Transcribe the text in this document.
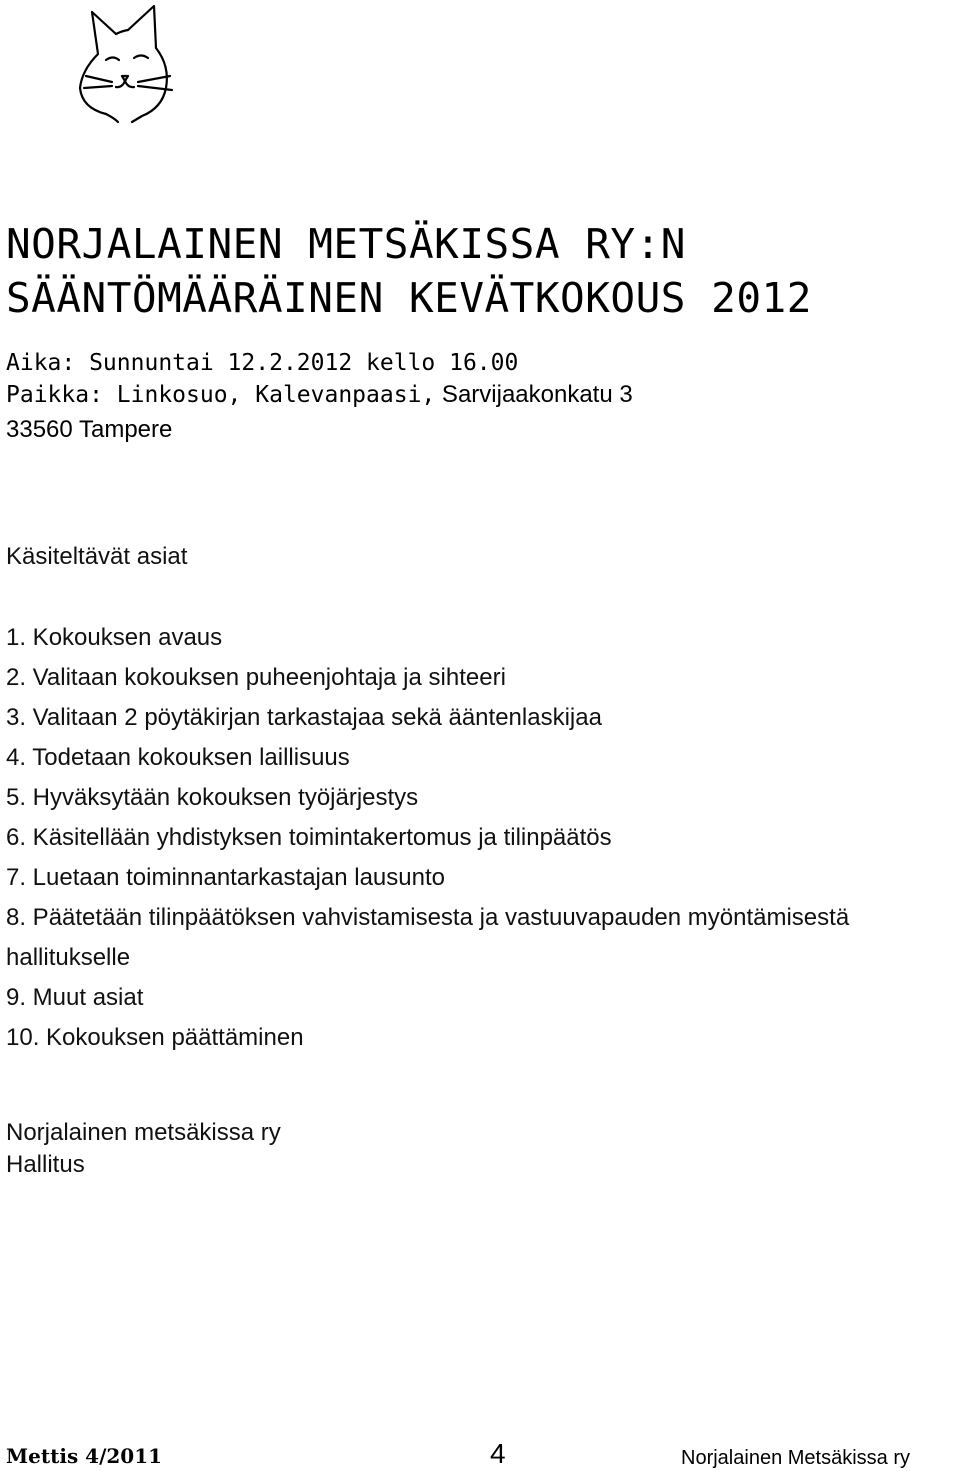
NORJALAINEN METSÄKISSA RY:N
SÄÄNTÖMÄÄRÄINEN KEVÄTKOKOUS 2012
Aika: Sunnuntai 12.2.2012 kello 16.00
Paikka: Linkosuo, Kalevanpaasi, Sarvijaakonkatu 3
33560 Tampere
Käsiteltävät asiat
1. Kokouksen avaus
2. Valitaan kokouksen puheenjohtaja ja sihteeri
3. Valitaan 2 pöytäkirjan tarkastajaa sekä ääntenlaskijaa
4. Todetaan kokouksen laillisuus
5. Hyväksytään kokouksen työjärjestys
6. Käsitellään yhdistyksen toimintakertomus ja tilinpäätös
7. Luetaan toiminnantarkastajan lausunto
8. Päätetään tilinpäätöksen vahvistamisesta ja vastuuvapauden myöntämisestä hallitukselle
9. Muut asiat
10. Kokouksen päättäminen
Norjalainen metsäkissa ry
Hallitus
Mettis 4/2011	4	Norjalainen Metsäkissa ry
